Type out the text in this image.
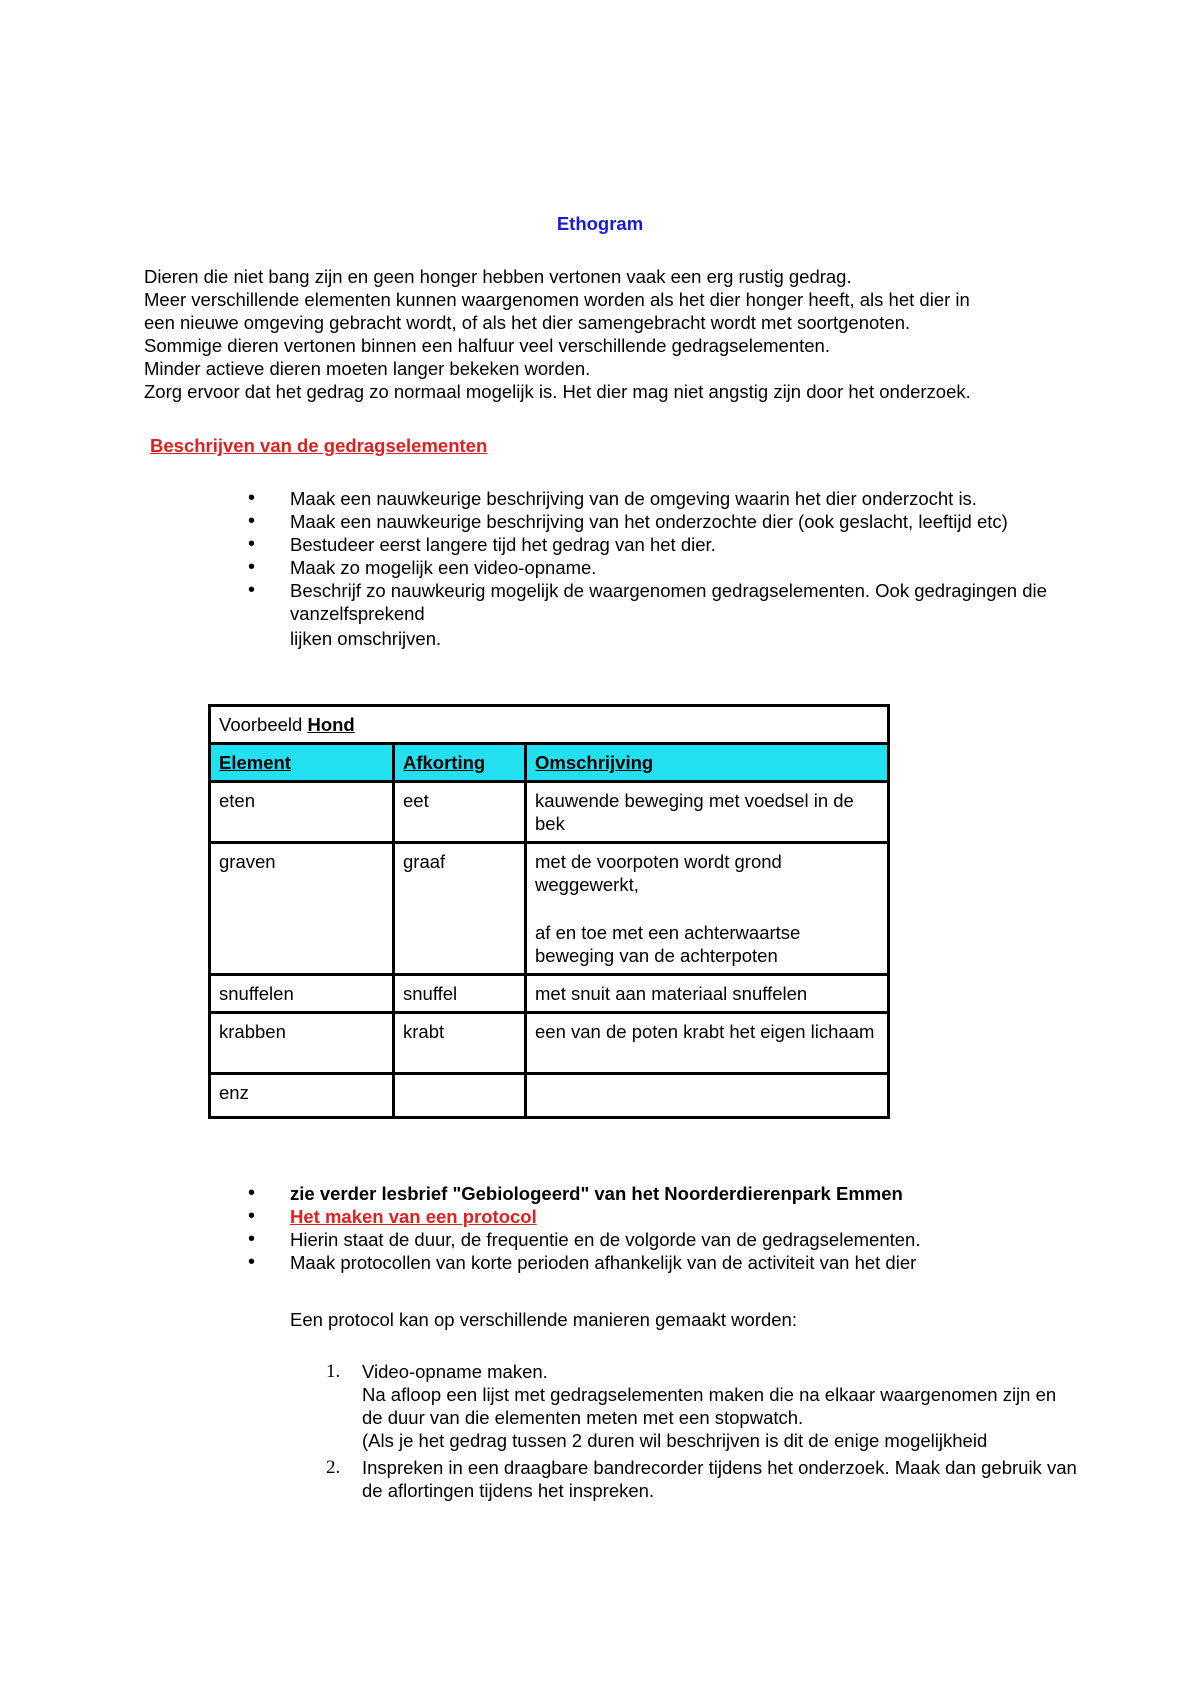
Ethogram
Dieren die niet bang zijn en geen honger hebben vertonen vaak een erg rustig gedrag.
Meer verschillende elementen kunnen waargenomen worden als het dier honger heeft, als het dier in
een nieuwe omgeving gebracht wordt, of als het dier samengebracht wordt met soortgenoten.
Sommige dieren vertonen binnen een halfuur veel verschillende gedragselementen.
Minder actieve dieren moeten langer bekeken worden.
Zorg ervoor dat het gedrag zo normaal mogelijk is. Het dier mag niet angstig zijn door het onderzoek.
Beschrijven van de gedragselementen
• Maak een nauwkeurige beschrijving van de omgeving waarin het dier onderzocht is.
• Maak een nauwkeurige beschrijving van het onderzochte dier (ook geslacht, leeftijd etc)
• Bestudeer eerst langere tijd het gedrag van het dier.
• Maak zo mogelijk een video-opname.
• Beschrijf zo nauwkeurig mogelijk de waargenomen gedragselementen. Ook gedragingen die vanzelfsprekend
lijken omschrijven.
Voorbeeld Hond		
Element	Afkorting	Omschrijving
eten	eet	kauwende beweging met voedsel in de bek
graven	graaf	met de voorpoten wordt grond weggewerkt,
af en toe met een achterwaartse beweging van de achterpoten

snuffelen	snuffel	met snuit aan materiaal snuffelen
krabben	krabt	een van de poten krabt het eigen lichaam
enz		
• zie verder lesbrief "Gebiologeerd" van het Noorderdierenpark Emmen
• Het maken van een protocol
• Hierin staat de duur, de frequentie en de volgorde van de gedragselementen.
• Maak protocollen van korte perioden afhankelijk van de activiteit van het dier
Een protocol kan op verschillende manieren gemaakt worden:
1. Video-opname maken.
Na afloop een lijst met gedragselementen maken die na elkaar waargenomen zijn en de duur van die elementen meten met een stopwatch.
(Als je het gedrag tussen 2 duren wil beschrijven is dit de enige mogelijkheid
2. Inspreken in een draagbare bandrecorder tijdens het onderzoek. Maak dan gebruik van de aflortingen tijdens het inspreken.
